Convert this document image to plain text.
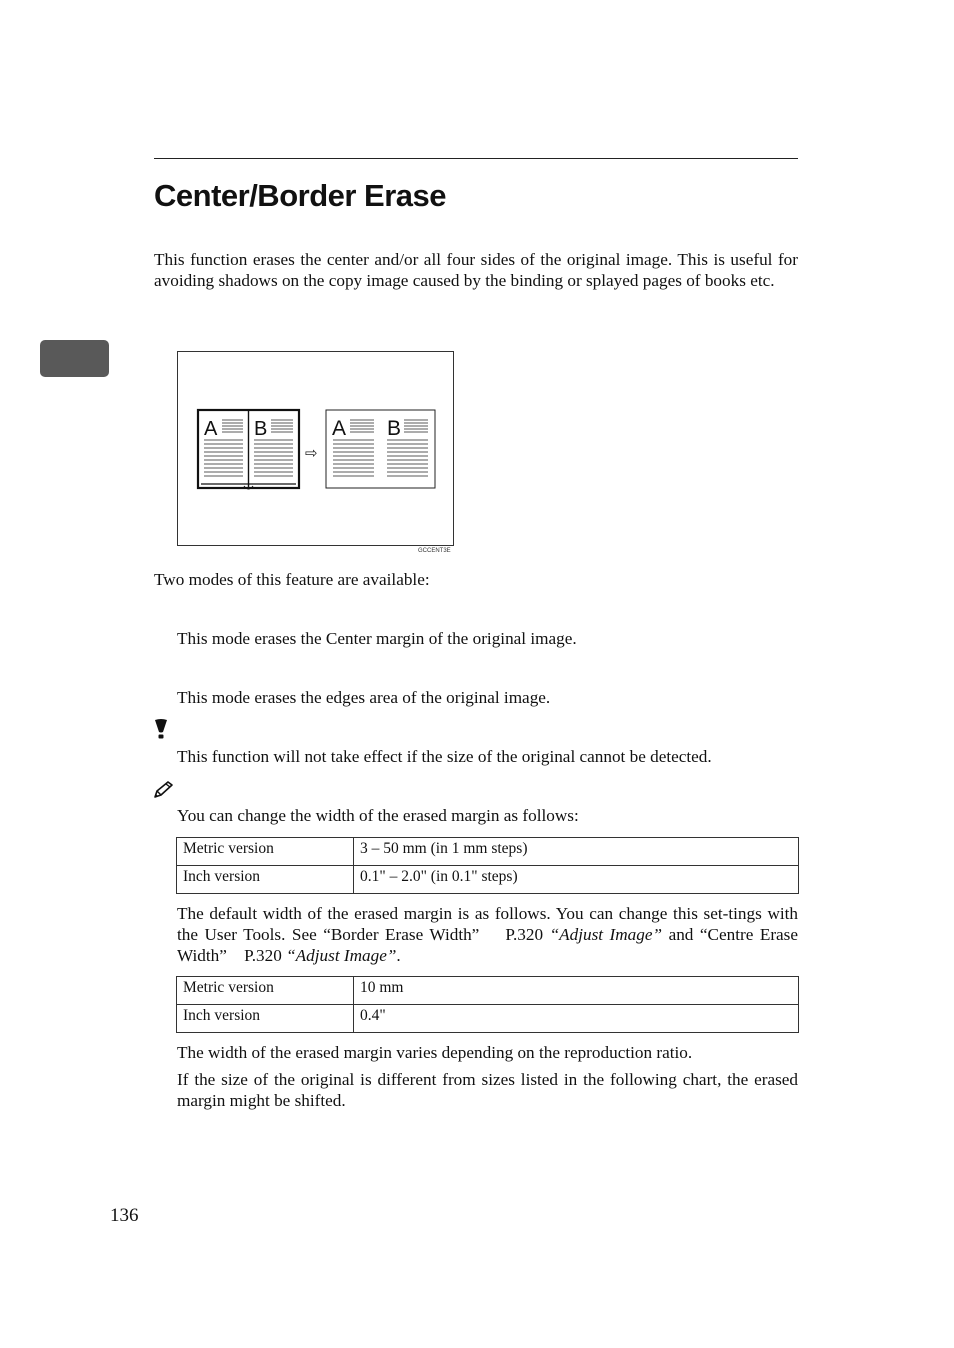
Center/Border Erase
This function erases the center and/or all four sides of the original image. This is useful for avoiding shadows on the copy image caused by the binding or splayed pages of books etc.
A B
⇨
A B
GCCENT3E
Two modes of this feature are available:
This mode erases the Center margin of the original image.
This mode erases the edges area of the original image.
This function will not take effect if the size of the original cannot be detected.
You can change the width of the erased margin as follows:
Metric version	3 – 50 mm (in 1 mm steps)
Inch version	0.1" – 2.0" (in 0.1" steps)
The default width of the erased margin is as follows. You can change this set-tings with the User Tools. See “Border Erase Width” P.320 “Adjust Image” and “Centre Erase Width” P.320 “Adjust Image”.
Metric version	10 mm
Inch version	0.4"
The width of the erased margin varies depending on the reproduction ratio.
If the size of the original is different from sizes listed in the following chart, the erased margin might be shifted.
136
